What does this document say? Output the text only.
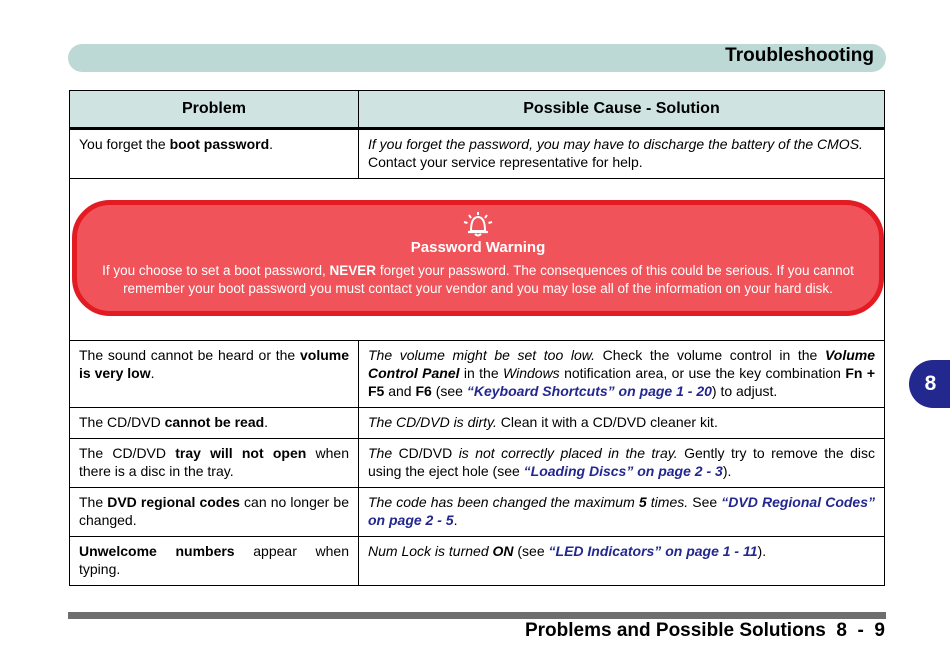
Troubleshooting
Problem	Possible Cause - Solution
You forget the boot password.	If you forget the password, you may have to discharge the battery of the CMOS. Contact your service representative for help.

Password Warning
If you choose to set a boot password, NEVER forget your password. The consequences of this could be serious. If you cannot remember your boot password you must contact your vendor and you may lose all of the information on your hard disk.	

The sound cannot be heard or the volume is very low.	The volume might be set too low. Check the volume control in the Volume Control Panel in the Windows notification area, or use the key combination Fn + F5 and F6 (see “Keyboard Shortcuts” on page 1 - 20) to adjust.
The CD/DVD cannot be read.	The CD/DVD is dirty. Clean it with a CD/DVD cleaner kit.
The CD/DVD tray will not open when there is a disc in the tray.	The CD/DVD is not correctly placed in the tray. Gently try to remove the disc using the eject hole (see “Loading Discs” on page 2 - 3).
The DVD regional codes can no longer be changed.	The code has been changed the maximum 5 times. See “DVD Regional Codes” on page 2 - 5.
Unwelcome numbers appear when typing.	Num Lock is turned ON (see “LED Indicators” on page 1 - 11).
8
Problems and Possible Solutions  8  -  9
